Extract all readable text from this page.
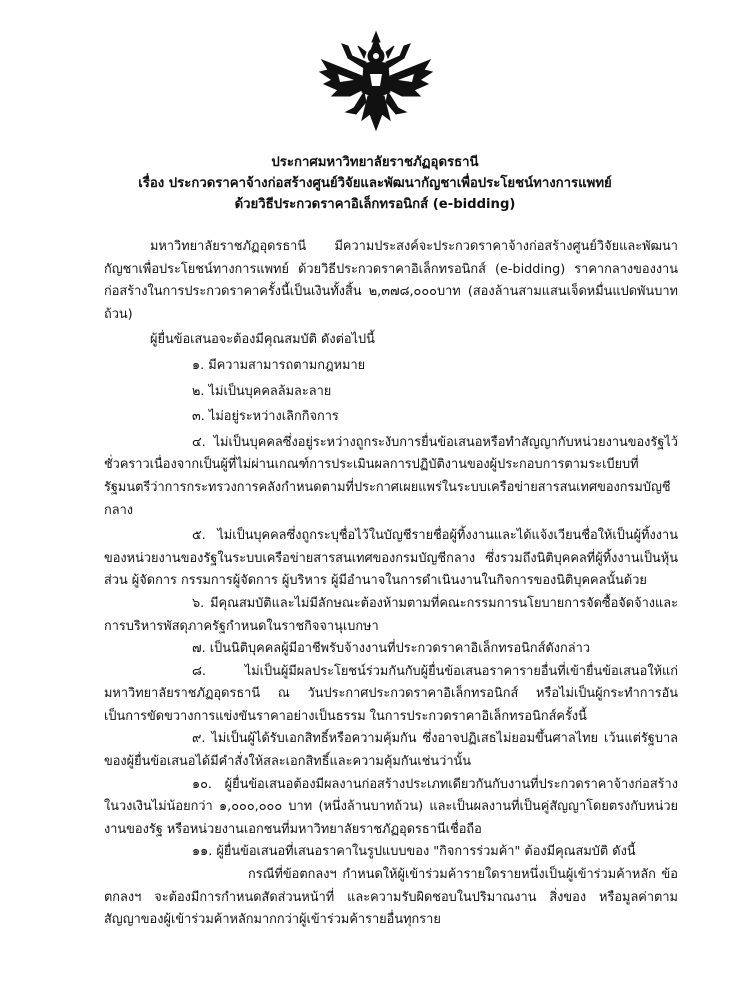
ประกาศมหาวิทยาลัยราชภัฏอุดรธานี
เรื่อง ประกวดราคาจ้างก่อสร้างศูนย์วิจัยและพัฒนากัญชาเพื่อประโยชน์ทางการแพทย์
ด้วยวิธีประกวดราคาอิเล็กทรอนิกส์ (e-bidding)

มหาวิทยาลัยราชภัฏอุดรธานี มีความประสงค์จะประกวดราคาจ้างก่อสร้างศูนย์วิจัยและพัฒนากัญชาเพื่อประโยชน์ทางการแพทย์ ด้วยวิธีประกวดราคาอิเล็กทรอนิกส์ (e-bidding) ราคากลางของงานก่อสร้างในการประกวดราคาครั้งนี้เป็นเงินทั้งสิ้น ๒,๓๗๘,๐๐๐บาท (สองล้านสามแสนเจ็ดหมื่นแปดพันบาทถ้วน)

ผู้ยื่นข้อเสนอจะต้องมีคุณสมบัติ ดังต่อไปนี้

๑. มีความสามารถตามกฎหมาย

๒. ไม่เป็นบุคคลล้มละลาย

๓. ไม่อยู่ระหว่างเลิกกิจการ

๔. ไม่เป็นบุคคลซึ่งอยู่ระหว่างถูกระงับการยื่นข้อเสนอหรือทำสัญญากับหน่วยงานของรัฐไว้ชั่วคราวเนื่องจากเป็นผู้ที่ไม่ผ่านเกณฑ์การประเมินผลการปฏิบัติงานของผู้ประกอบการตามระเบียบที่รัฐมนตรีว่าการกระทรวงการคลังกำหนดตามที่ประกาศเผยแพร่ในระบบเครือข่ายสารสนเทศของกรมบัญชีกลาง

๕. ไม่เป็นบุคคลซึ่งถูกระบุชื่อไว้ในบัญชีรายชื่อผู้ทิ้งงานและได้แจ้งเวียนชื่อให้เป็นผู้ทิ้งงานของหน่วยงานของรัฐในระบบเครือข่ายสารสนเทศของกรมบัญชีกลาง ซึ่งรวมถึงนิติบุคคลที่ผู้ทิ้งงานเป็นหุ้นส่วน ผู้จัดการ กรรมการผู้จัดการ ผู้บริหาร ผู้มีอำนาจในการดำเนินงานในกิจการของนิติบุคคลนั้นด้วย

๖. มีคุณสมบัติและไม่มีลักษณะต้องห้ามตามที่คณะกรรมการนโยบายการจัดซื้อจัดจ้างและการบริหารพัสดุภาครัฐกำหนดในราชกิจจานุเบกษา

๗. เป็นนิติบุคคลผู้มีอาชีพรับจ้างงานที่ประกวดราคาอิเล็กทรอนิกส์ดังกล่าว

๘. ไม่เป็นผู้มีผลประโยชน์ร่วมกันกับผู้ยื่นข้อเสนอราคารายอื่นที่เข้ายื่นข้อเสนอให้แก่มหาวิทยาลัยราชภัฏอุดรธานี ณ วันประกาศประกวดราคาอิเล็กทรอนิกส์ หรือไม่เป็นผู้กระทำการอันเป็นการขัดขวางการแข่งขันราคาอย่างเป็นธรรม ในการประกวดราคาอิเล็กทรอนิกส์ครั้งนี้

๙. ไม่เป็นผู้ได้รับเอกสิทธิ์หรือความคุ้มกัน ซึ่งอาจปฏิเสธไม่ยอมขึ้นศาลไทย เว้นแต่รัฐบาลของผู้ยื่นข้อเสนอได้มีคำสั่งให้สละเอกสิทธิ์และความคุ้มกันเช่นว่านั้น

๑๐. ผู้ยื่นข้อเสนอต้องมีผลงานก่อสร้างประเภทเดียวกันกับงานที่ประกวดราคาจ้างก่อสร้างในวงเงินไม่น้อยกว่า ๑,๐๐๐,๐๐๐ บาท (หนึ่งล้านบาทถ้วน) และเป็นผลงานที่เป็นคู่สัญญาโดยตรงกับหน่วยงานของรัฐ หรือหน่วยงานเอกชนที่มหาวิทยาลัยราชภัฏอุดรธานีเชื่อถือ

๑๑. ผู้ยื่นข้อเสนอที่เสนอราคาในรูปแบบของ "กิจการร่วมค้า" ต้องมีคุณสมบัติ ดังนี้

กรณีที่ข้อตกลงฯ กำหนดให้ผู้เข้าร่วมค้ารายใดรายหนึ่งเป็นผู้เข้าร่วมค้าหลัก ข้อตกลงฯ จะต้องมีการกำหนดสัดส่วนหน้าที่ และความรับผิดชอบในปริมาณงาน สิ่งของ หรือมูลค่าตามสัญญาของผู้เข้าร่วมค้าหลักมากกว่าผู้เข้าร่วมค้ารายอื่นทุกราย
